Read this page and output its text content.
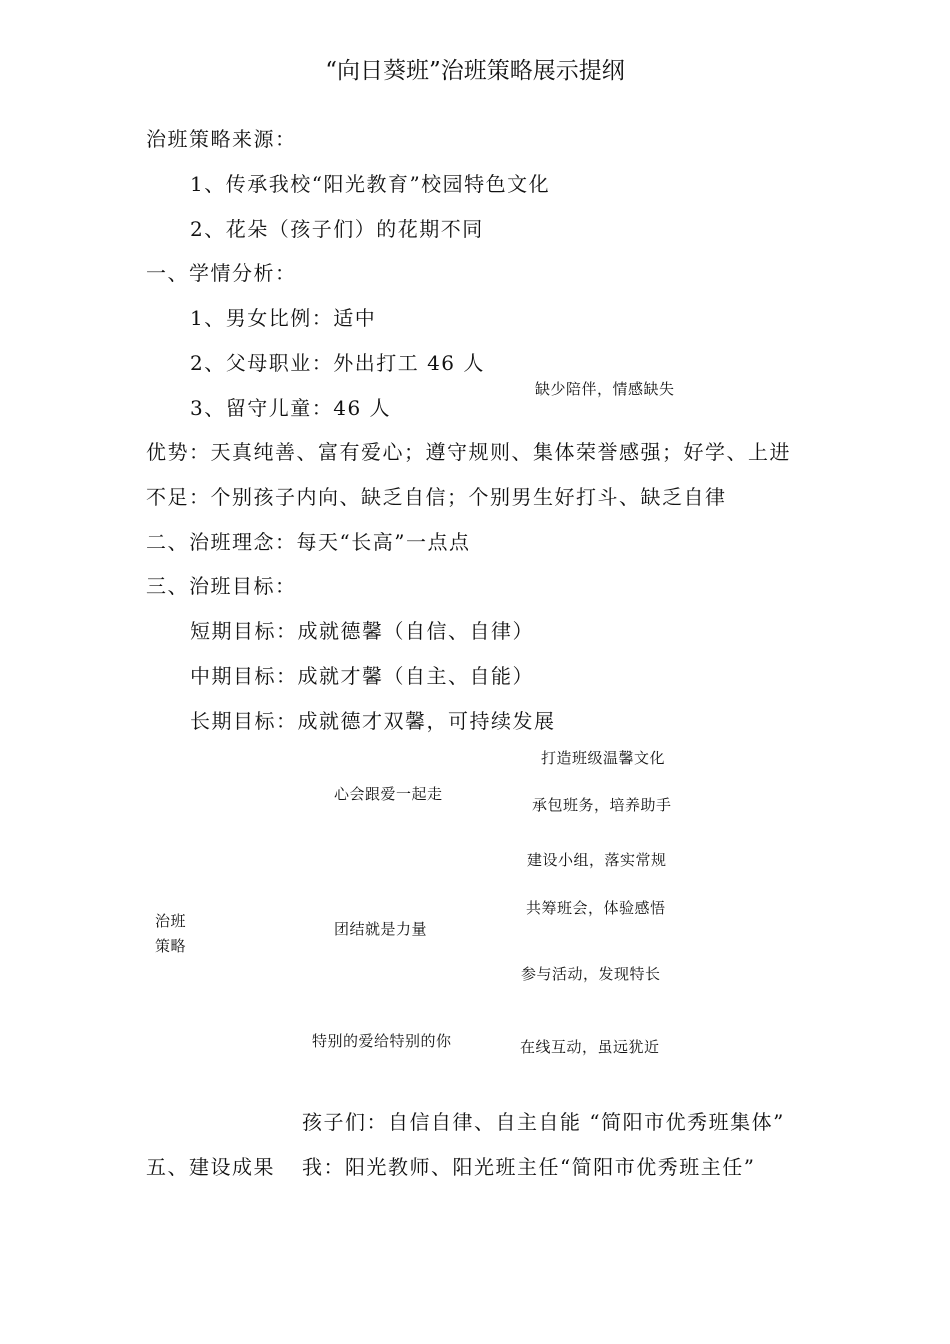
“向日葵班”治班策略展示提纲
治班策略来源：
1、传承我校“阳光教育”校园特色文化
2、花朵（孩子们）的花期不同
一、学情分析：
1、男女比例：适中
2、父母职业：外出打工 46 人
缺少陪伴，情感缺失
3、留守儿童：46 人
优势：天真纯善、富有爱心；遵守规则、集体荣誉感强；好学、上进
不足：个别孩子内向、缺乏自信；个别男生好打斗、缺乏自律
二、治班理念：每天“长高”一点点
三、治班目标：
短期目标：成就德馨（自信、自律）
中期目标：成就才馨（自主、自能）
长期目标：成就德才双馨，可持续发展
打造班级温馨文化
心会跟爱一起走
承包班务，培养助手
建设小组，落实常规
共筹班会，体验感悟
治班	团结就是力量
策略
参与活动，发现特长
特别的爱给特别的你	在线互动，虽远犹近
孩子们：自信自律、自主自能 “简阳市优秀班集体”
五、建设成果 我：阳光教师、阳光班主任“简阳市优秀班主任”
